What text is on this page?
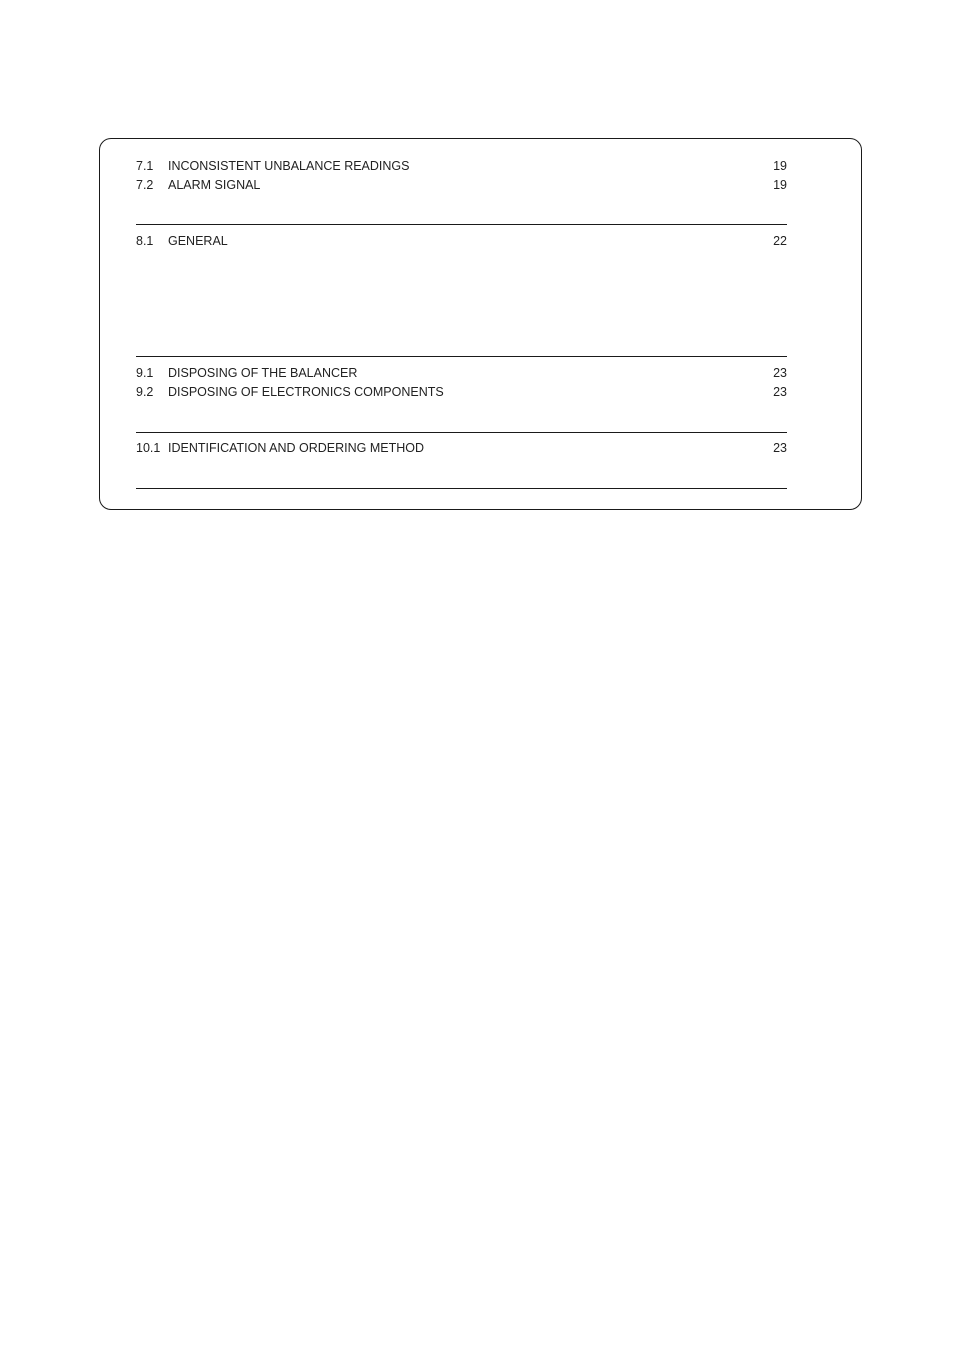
7.1 INCONSISTENT UNBALANCE READINGS	19
7.2 ALARM SIGNAL	19
8.1 GENERAL	22
9.1 DISPOSING OF THE BALANCER	23
9.2 DISPOSING OF ELECTRONICS COMPONENTS	23
10.1 IDENTIFICATION AND ORDERING METHOD	23
